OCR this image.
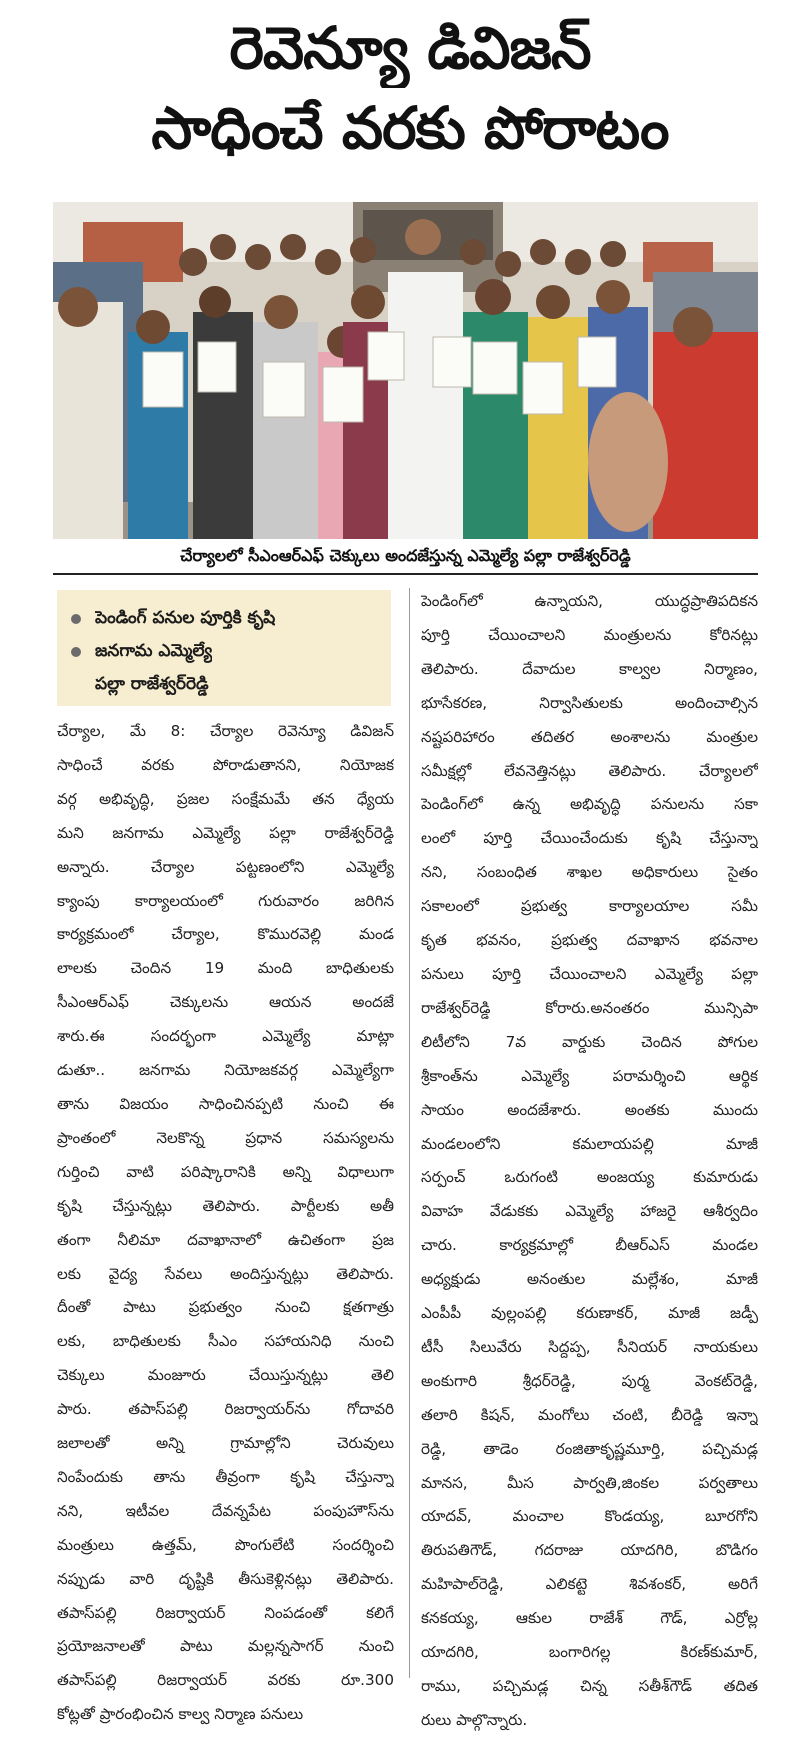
రెవెన్యూ డివిజన్
సాధించే వరకు పోరాటం
చేర్యాలలో సీఎంఆర్ఎఫ్ చెక్కులు అందజేస్తున్న ఎమ్మెల్యే పల్లా రాజేశ్వర్‌రెడ్డి
పెండింగ్ పనుల పూర్తికి కృషి
జనగామ ఎమ్మెల్యే
పల్లా రాజేశ్వర్‌రెడ్డి
చేర్యాల, మే 8: చేర్యాల రెవెన్యూ డివిజన్
సాధించే వరకు పోరాడుతానని, నియోజక
వర్గ అభివృద్ధి, ప్రజల సంక్షేమమే తన ధ్యేయ
మని జనగామ ఎమ్మెల్యే పల్లా రాజేశ్వర్‌రెడ్డి
అన్నారు. చేర్యాల పట్టణంలోని ఎమ్మెల్యే
క్యాంపు కార్యాలయంలో గురువారం జరిగిన
కార్యక్రమంలో చేర్యాల, కొమురవెల్లి మండ
లాలకు చెందిన 19 మంది బాధితులకు
సీఎంఆర్ఎఫ్ చెక్కులను ఆయన అందజే
శారు.ఈ సందర్భంగా ఎమ్మెల్యే మాట్లా
డుతూ.. జనగామ నియోజకవర్గ ఎమ్మెల్యేగా
తాను విజయం సాధించినప్పటి నుంచి ఈ
ప్రాంతంలో నెలకొన్న ప్రధాన సమస్యలను
గుర్తించి వాటి పరిష్కారానికి అన్ని విధాలుగా
కృషి చేస్తున్నట్లు తెలిపారు. పార్టీలకు అతీ
తంగా నీలిమా దవాఖానాలో ఉచితంగా ప్రజ
లకు వైద్య సేవలు అందిస్తున్నట్లు తెలిపారు.
దీంతో పాటు ప్రభుత్వం నుంచి క్షతగాత్రు
లకు, బాధితులకు సీఎం సహాయనిధి నుంచి
చెక్కులు మంజూరు చేయిస్తున్నట్లు తెలి
పారు. తపాస్‌పల్లి రిజర్వాయర్‌ను గోదావరి
జలాలతో అన్ని గ్రామాల్లోని చెరువులు
నింపేందుకు తాను తీవ్రంగా కృషి చేస్తున్నా
నని, ఇటీవల దేవన్నపేట పంపుహౌస్‌ను
మంత్రులు ఉత్తమ్, పొంగులేటి సందర్శించి
నప్పుడు వారి దృష్టికి తీసుకెళ్లినట్లు తెలిపారు.
తపాస్‌పల్లి రిజర్వాయర్ నింపడంతో కలిగే
ప్రయోజనాలతో పాటు మల్లన్నసాగర్ నుంచి
తపాస్‌పల్లి రిజర్వాయర్ వరకు రూ.300
కోట్లతో ప్రారంభించిన కాల్వ నిర్మాణ పనులు
పెండింగ్‌లో ఉన్నాయని, యుద్ధప్రాతిపదికన
పూర్తి చేయించాలని మంత్రులను కోరినట్లు
తెలిపారు. దేవాదుల కాల్వల నిర్మాణం,
భూసేకరణ, నిర్వాసితులకు అందించాల్సిన
నష్టపరిహారం తదితర అంశాలను మంత్రుల
సమీక్షల్లో లేవనెత్తినట్లు తెలిపారు. చేర్యాలలో
పెండింగ్‌లో ఉన్న అభివృద్ధి పనులను సకా
లంలో పూర్తి చేయించేందుకు కృషి చేస్తున్నా
నని, సంబంధిత శాఖల అధికారులు సైతం
సకాలంలో ప్రభుత్వ కార్యాలయాల సమీ
కృత భవనం, ప్రభుత్వ దవాఖాన భవనాల
పనులు పూర్తి చేయించాలని ఎమ్మెల్యే పల్లా
రాజేశ్వర్‌రెడ్డి కోరారు.అనంతరం మున్సిపా
లిటీలోని 7వ వార్డుకు చెందిన పోగుల
శ్రీకాంత్‌ను ఎమ్మెల్యే పరామర్శించి ఆర్థిక
సాయం అందజేశారు. అంతకు ముందు
మండలంలోని కమలాయపల్లి మాజీ
సర్పంచ్ ఒరుగంటి అంజయ్య కుమారుడు
వివాహ వేడుకకు ఎమ్మెల్యే హాజరై ఆశీర్వదిం
చారు. కార్యక్రమాల్లో బీఆర్ఎస్ మండల
అధ్యక్షుడు అనంతుల మల్లేశం, మాజీ
ఎంపీపీ వుల్లంపల్లి కరుణాకర్, మాజీ జడ్పీ
టీసీ సిలువేరు సిద్దప్ప, సీనియర్ నాయకులు
అంకుగారి శ్రీధర్‌రెడ్డి, పుర్మ వెంకట్‌రెడ్డి,
తలారి కిషన్, మంగోలు చంటి, బీరెడ్డి ఇన్నా
రెడ్డి, తాడెం రంజితాకృష్ణమూర్తి, పచ్చిమడ్ల
మానస, మీస పార్వతి,జింకల పర్వతాలు
యాదవ్, మంచాల కొండయ్య, బూరగోని
తిరుపతిగౌడ్, గదరాజు యాదగిరి, బొడిగం
మహిపాల్‌రెడ్డి, ఎలికట్టె శివశంకర్, అరిగే
కనకయ్య, ఆకుల రాజేశ్ గౌడ్, ఎర్రోల్ల
యాదగిరి, బంగారిగల్ల కిరణ్‌కుమార్,
రాము, పచ్చిమడ్ల చిన్న సతీశ్‌గౌడ్ తదిత
రులు పాల్గొన్నారు.
